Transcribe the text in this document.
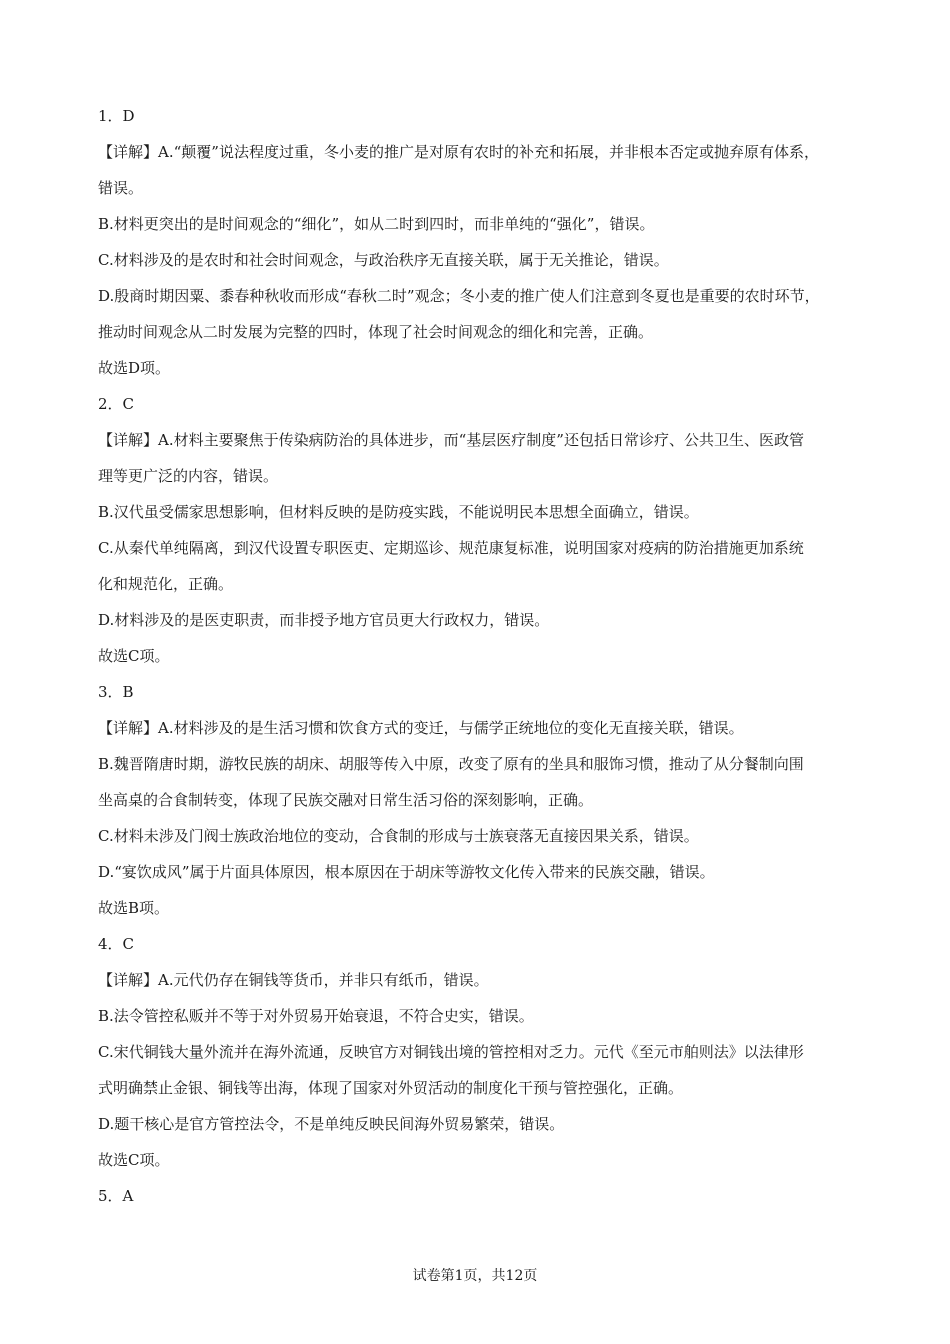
1．D
【详解】A.“颠覆”说法程度过重，冬小麦的推广是对原有农时的补充和拓展，并非根本否定或抛弃原有体系，
错误。
B.材料更突出的是时间观念的“细化”，如从二时到四时，而非单纯的“强化”，错误。
C.材料涉及的是农时和社会时间观念，与政治秩序无直接关联，属于无关推论，错误。
D.殷商时期因粟、黍春种秋收而形成“春秋二时”观念；冬小麦的推广使人们注意到冬夏也是重要的农时环节，
推动时间观念从二时发展为完整的四时，体现了社会时间观念的细化和完善，正确。
故选D项。
2．C
【详解】A.材料主要聚焦于传染病防治的具体进步，而“基层医疗制度”还包括日常诊疗、公共卫生、医政管
理等更广泛的内容，错误。
B.汉代虽受儒家思想影响，但材料反映的是防疫实践，不能说明民本思想全面确立，错误。
C.从秦代单纯隔离，到汉代设置专职医吏、定期巡诊、规范康复标准，说明国家对疫病的防治措施更加系统
化和规范化，正确。
D.材料涉及的是医吏职责，而非授予地方官员更大行政权力，错误。
故选C项。
3．B
【详解】A.材料涉及的是生活习惯和饮食方式的变迁，与儒学正统地位的变化无直接关联，错误。
B.魏晋隋唐时期，游牧民族的胡床、胡服等传入中原，改变了原有的坐具和服饰习惯，推动了从分餐制向围
坐高桌的合食制转变，体现了民族交融对日常生活习俗的深刻影响，正确。
C.材料未涉及门阀士族政治地位的变动，合食制的形成与士族衰落无直接因果关系，错误。
D.“宴饮成风”属于片面具体原因，根本原因在于胡床等游牧文化传入带来的民族交融，错误。
故选B项。
4．C
【详解】A.元代仍存在铜钱等货币，并非只有纸币，错误。
B.法令管控私贩并不等于对外贸易开始衰退，不符合史实，错误。
C.宋代铜钱大量外流并在海外流通，反映官方对铜钱出境的管控相对乏力。元代《至元市舶则法》以法律形
式明确禁止金银、铜钱等出海，体现了国家对外贸活动的制度化干预与管控强化，正确。
D.题干核心是官方管控法令，不是单纯反映民间海外贸易繁荣，错误。
故选C项。
5．A
试卷第1页，共12页
